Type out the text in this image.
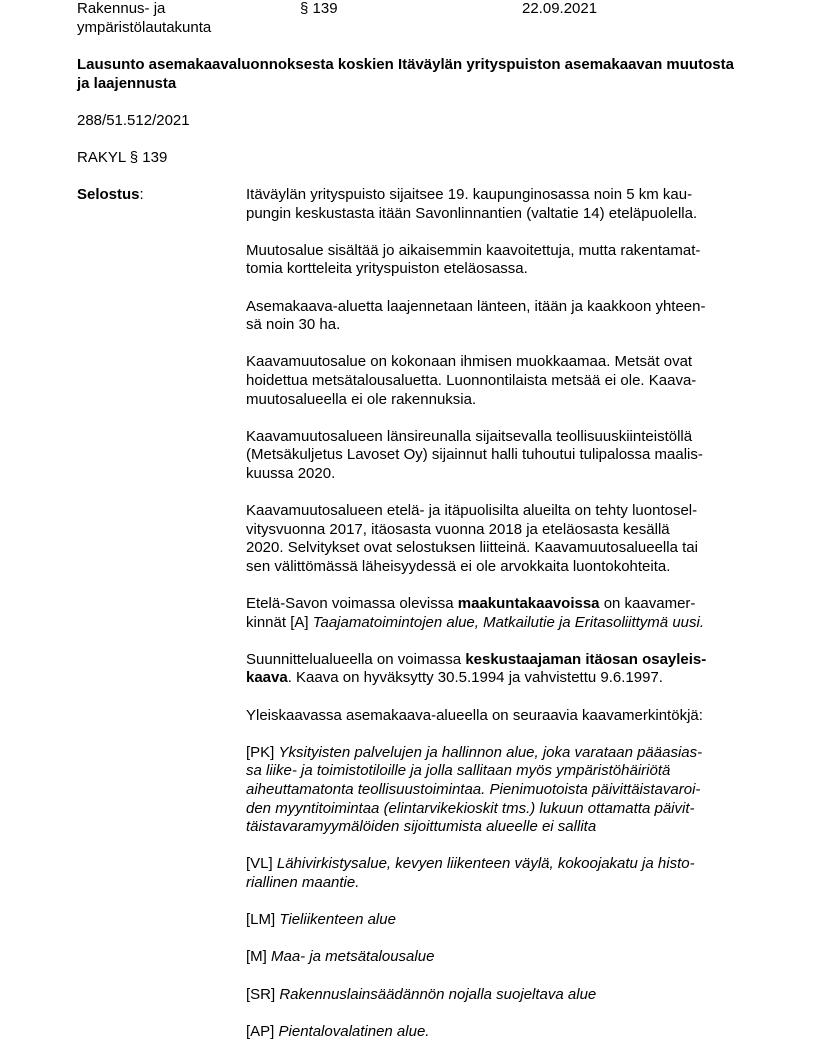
Rakennus- ja
ympäristölautakunta
§ 139	22.09.2021
Lausunto asemakaavaluonnoksesta koskien Itäväylän yrityspuiston asemakaavan muutosta ja laajennusta
288/51.512/2021
RAKYL § 139
Selostus:	Itäväylän yrityspuisto sijaitsee 19. kaupunginosassa noin 5 km kau-
pungin keskustasta itään Savonlinnantien (valtatie 14) eteläpuolella.

Muutosalue sisältää jo aikaisemmin kaavoitettuja, mutta rakentamat-
tomia kortteleita yrityspuiston eteläosassa.

Asemakaava-aluetta laajennetaan länteen, itään ja kaakkoon yhteen-
sä noin 30 ha.

Kaavamuutosalue on kokonaan ihmisen muokkaamaa. Metsät ovat
hoidettua metsätalousaluetta. Luonnontilaista metsää ei ole. Kaava-
muutosalueella ei ole rakennuksia.

Kaavamuutosalueen länsireunalla sijaitsevalla teollisuuskiinteistöllä
(Metsäkuljetus Lavoset Oy) sijainnut halli tuhoutui tulipalossa maalis-
kuussa 2020.

Kaavamuutosalueen etelä- ja itäpuolisilta alueilta on tehty luontosel-
vitysvuonna 2017, itäosasta vuonna 2018 ja eteläosasta kesällä
2020. Selvitykset ovat selostuksen liitteinä. Kaavamuutosalueella tai
sen välittömässä läheisyydessä ei ole arvokkaita luontokohteita.

Etelä-Savon voimassa olevissa maakuntakaavoissa on kaavamer-
kinnät [A] Taajamatoimintojen alue, Matkailutie ja Eritasoliittymä uusi.

Suunnittelualueella on voimassa keskustaajaman itäosan osayleis-
kaava. Kaava on hyväksytty 30.5.1994 ja vahvistettu 9.6.1997.

Yleiskaavassa asemakaava-alueella on seuraavia kaavamerkintökjä:

[PK] Yksityisten palvelujen ja hallinnon alue, joka varataan pääasias-
sa liike- ja toimistotiloille ja jolla sallitaan myös ympäristöhäiriötä
aiheuttamatonta teollisuustoimintaa. Pienimuotoista päivittäistavaroi-
den myyntitoimintaa (elintarvikekioskit tms.) lukuun ottamatta päivit-
täistavaramyymälöiden sijoittumista alueelle ei sallita

[VL] Lähivirkistysalue, kevyen liikenteen väylä, kokoojakatu ja histo-
riallinen maantie.

[LM] Tieliikenteen alue

[M] Maa- ja metsätalousalue

[SR] Rakennuslainsäädännön nojalla suojeltava alue

[AP] Pientalovalatinen alue.
